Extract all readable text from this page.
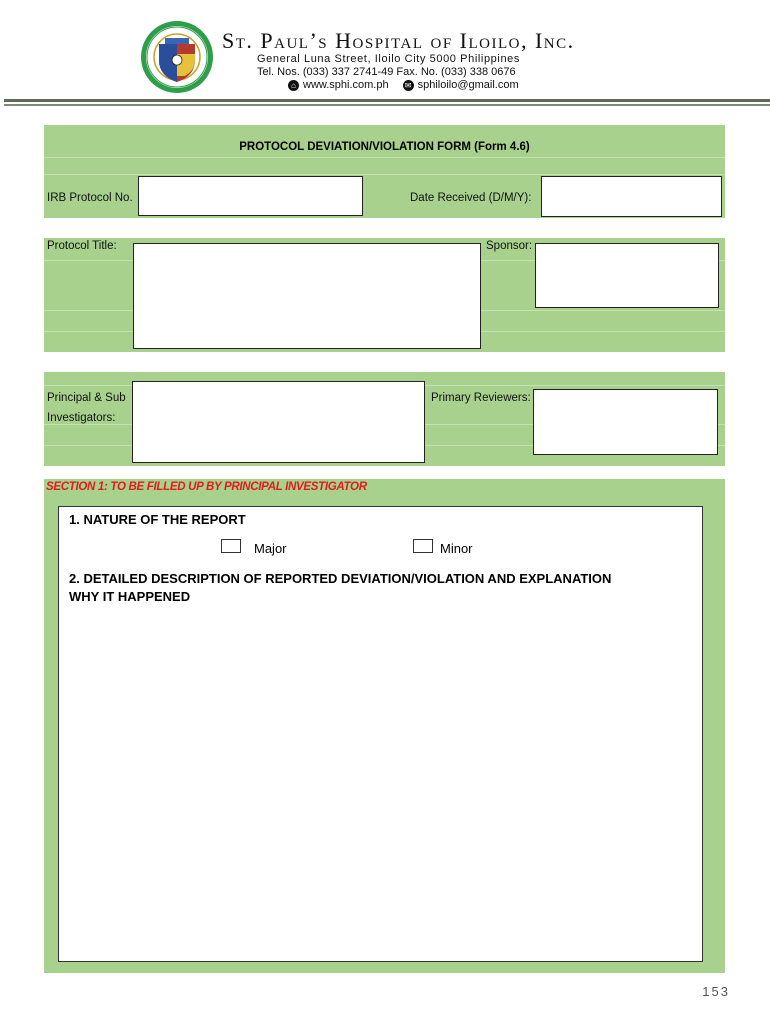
St. Paul’s Hospital of Iloilo, Inc.
General Luna Street, Iloilo City 5000 Philippines
Tel. Nos. (033) 337 2741-49 Fax. No. (033) 338 0676
⌂ www.sphi.com.ph ✉ sphiloilo@gmail.com
PROTOCOL DEVIATION/VIOLATION FORM (Form 4.6)
IRB Protocol No.	Date Received (D/M/Y):
Protocol Title:	Sponsor:
Principal & Sub
Investigators:
Primary Reviewers:
SECTION 1: TO BE FILLED UP BY PRINCIPAL INVESTIGATOR
1. NATURE OF THE REPORT
Major	Minor
2. DETAILED DESCRIPTION OF REPORTED DEVIATION/VIOLATION AND EXPLANATION
WHY IT HAPPENED
153
